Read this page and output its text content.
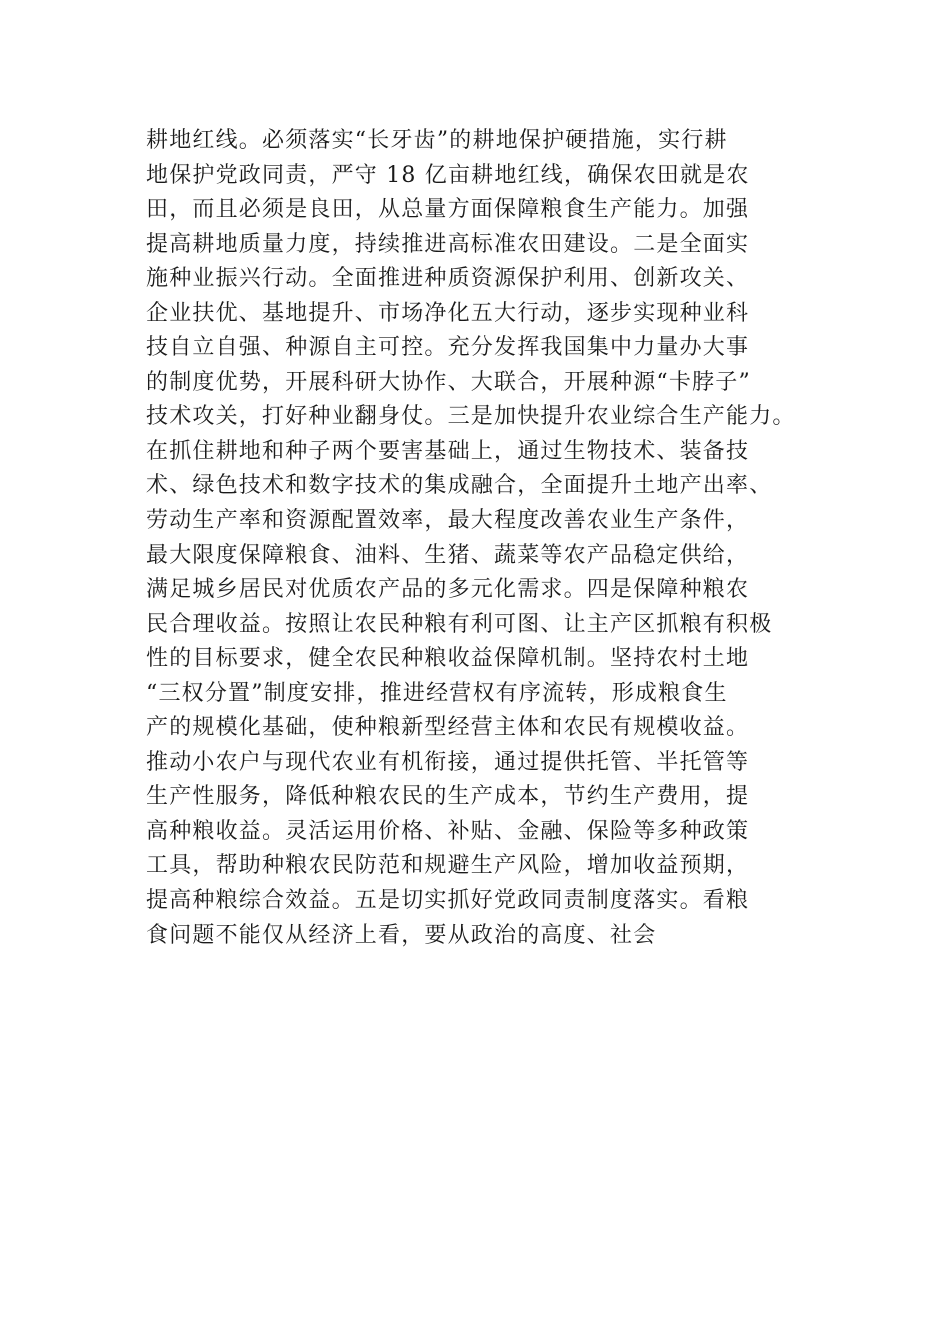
耕地红线。必须落实“长牙齿”的耕地保护硬措施，实行耕
地保护党政同责，严守 18 亿亩耕地红线，确保农田就是农
田，而且必须是良田，从总量方面保障粮食生产能力。加强
提高耕地质量力度，持续推进高标准农田建设。二是全面实
施种业振兴行动。全面推进种质资源保护利用、创新攻关、
企业扶优、基地提升、市场净化五大行动，逐步实现种业科
技自立自强、种源自主可控。充分发挥我国集中力量办大事
的制度优势，开展科研大协作、大联合，开展种源“卡脖子”
技术攻关，打好种业翻身仗。三是加快提升农业综合生产能力。
在抓住耕地和种子两个要害基础上，通过生物技术、装备技
术、绿色技术和数字技术的集成融合，全面提升土地产出率、
劳动生产率和资源配置效率，最大程度改善农业生产条件，
最大限度保障粮食、油料、生猪、蔬菜等农产品稳定供给，
满足城乡居民对优质农产品的多元化需求。四是保障种粮农
民合理收益。按照让农民种粮有利可图、让主产区抓粮有积极
性的目标要求，健全农民种粮收益保障机制。坚持农村土地
“三权分置”制度安排，推进经营权有序流转，形成粮食生
产的规模化基础，使种粮新型经营主体和农民有规模收益。
推动小农户与现代农业有机衔接，通过提供托管、半托管等
生产性服务，降低种粮农民的生产成本，节约生产费用，提
高种粮收益。灵活运用价格、补贴、金融、保险等多种政策
工具，帮助种粮农民防范和规避生产风险，增加收益预期，
提高种粮综合效益。五是切实抓好党政同责制度落实。看粮
食问题不能仅从经济上看，要从政治的高度、社会
